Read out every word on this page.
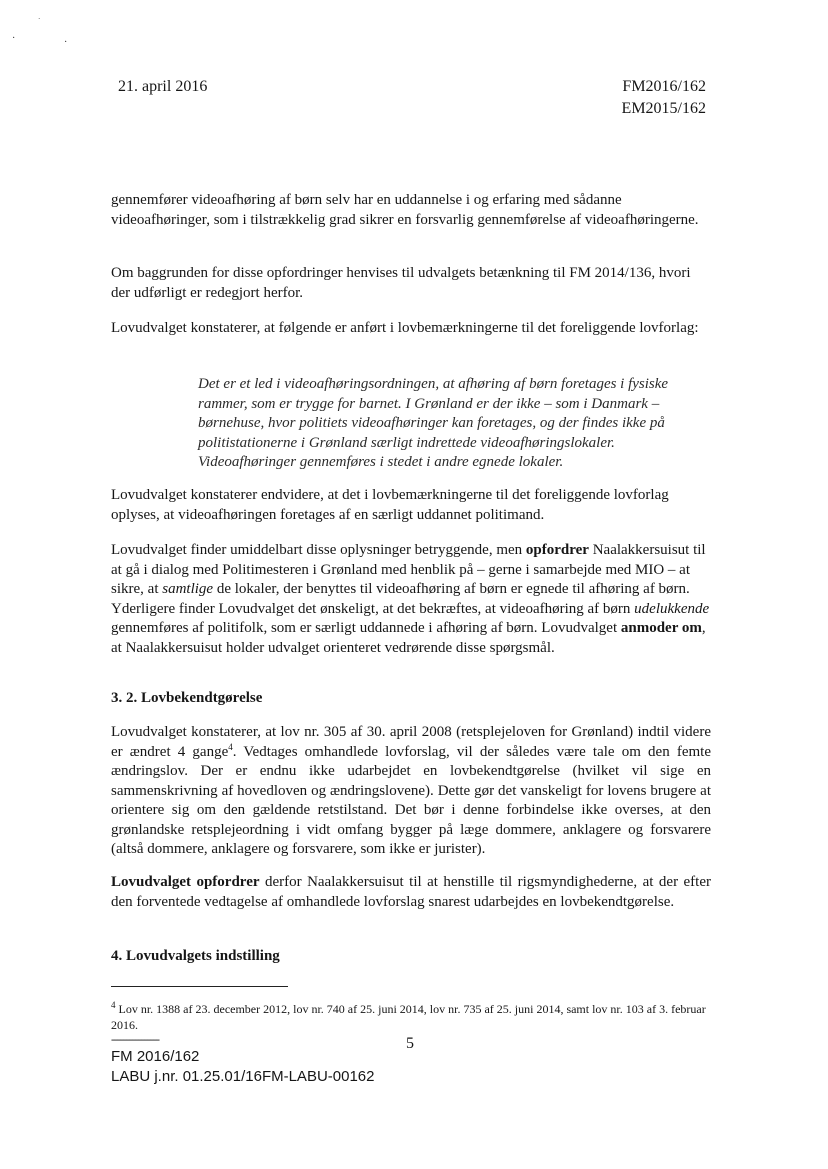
·	·
·
21. april 2016	FM2016/162
EM2015/162

gennemfører videoafhøring af børn selv har en uddannelse i og erfaring med sådanne videoafhøringer, som i tilstrækkelig grad sikrer en forsvarlig gennemførelse af videoafhøringerne.

Om baggrunden for disse opfordringer henvises til udvalgets betænkning til FM 2014/136, hvori der udførligt er redegjort herfor.

Lovudvalget konstaterer, at følgende er anført i lovbemærkningerne til det foreliggende lovforlag:

Det er et led i videoafhøringsordningen, at afhøring af børn foretages i fysiske rammer, som er trygge for barnet. I Grønland er der ikke – som i Danmark – børnehuse, hvor politiets videoafhøringer kan foretages, og der findes ikke på politistationerne i Grønland særligt indrettede videoafhøringslokaler. Videoafhøringer gennemføres i stedet i andre egnede lokaler.

Lovudvalget konstaterer endvidere, at det i lovbemærkningerne til det foreliggende lovforlag oplyses, at videoafhøringen foretages af en særligt uddannet politimand.

Lovudvalget finder umiddelbart disse oplysninger betryggende, men opfordrer Naalakkersuisut til at gå i dialog med Politimesteren i Grønland med henblik på – gerne i samarbejde med MIO – at sikre, at samtlige de lokaler, der benyttes til videoafhøring af børn er egnede til afhøring af børn. Yderligere finder Lovudvalget det ønskeligt, at det bekræftes, at videoafhøring af børn udelukkende gennemføres af politifolk, som er særligt uddannede i afhøring af børn. Lovudvalget anmoder om, at Naalakkersuisut holder udvalget orienteret vedrørende disse spørgsmål.

3. 2. Lovbekendtgørelse

Lovudvalget konstaterer, at lov nr. 305 af 30. april 2008 (retsplejeloven for Grønland) indtil videre er ændret 4 gange$^4$. Vedtages omhandlede lovforslag, vil der således være tale om den femte ændringslov. Der er endnu ikke udarbejdet en lovbekendtgørelse (hvilket vil sige en sammenskrivning af hovedloven og ændringslovene). Dette gør det vanskeligt for lovens brugere at orientere sig om den gældende retstilstand. Det bør i denne forbindelse ikke overses, at den grønlandske retsplejeordning i vidt omfang bygger på læge dommere, anklagere og forsvarere (altså dommere, anklagere og forsvarere, som ikke er jurister).

Lovudvalget opfordrer derfor Naalakkersuisut til at henstille til rigsmyndighederne, at der efter den forventede vedtagelse af omhandlede lovforslag snarest udarbejdes en lovbekendtgørelse.

4. Lovudvalgets indstilling

$^4$ Lov nr. 1388 af 23. december 2012, lov nr. 740 af 25. juni 2014, lov nr. 735 af 25. juni 2014, samt lov nr. 103 af 3. februar 2016.

----------------	5
FM 2016/162
LABU j.nr. 01.25.01/16FM-LABU-00162
